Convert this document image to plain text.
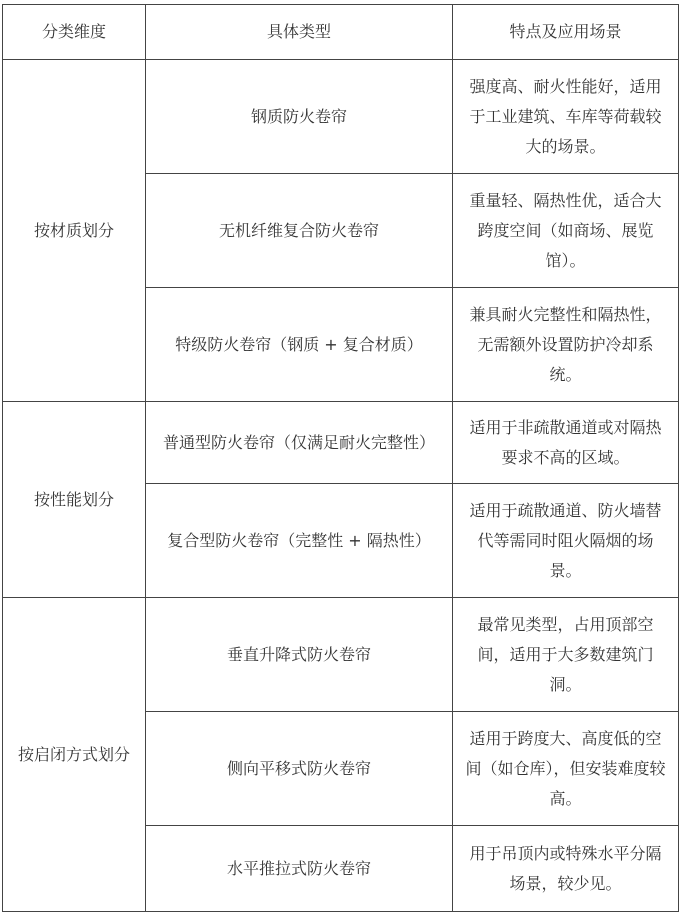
分类维度	具体类型	特点及应用场景
按材质划分	钢质防火卷帘	强度高、耐火性能好，适用于工业建筑、车库等荷载较大的场景。
	无机纤维复合防火卷帘	重量轻、隔热性优，适合大跨度空间（如商场、展览馆）。
	特级防火卷帘（钢质 + 复合材质）	兼具耐火完整性和隔热性，无需额外设置防护冷却系统。
按性能划分	普通型防火卷帘（仅满足耐火完整性）	适用于非疏散通道或对隔热要求不高的区域。
	复合型防火卷帘（完整性 + 隔热性）	适用于疏散通道、防火墙替代等需同时阻火隔烟的场景。
按启闭方式划分	垂直升降式防火卷帘	最常见类型，占用顶部空间，适用于大多数建筑门洞。
	侧向平移式防火卷帘	适用于跨度大、高度低的空间（如仓库），但安装难度较高。
	水平推拉式防火卷帘	用于吊顶内或特殊水平分隔场景，较少见。
